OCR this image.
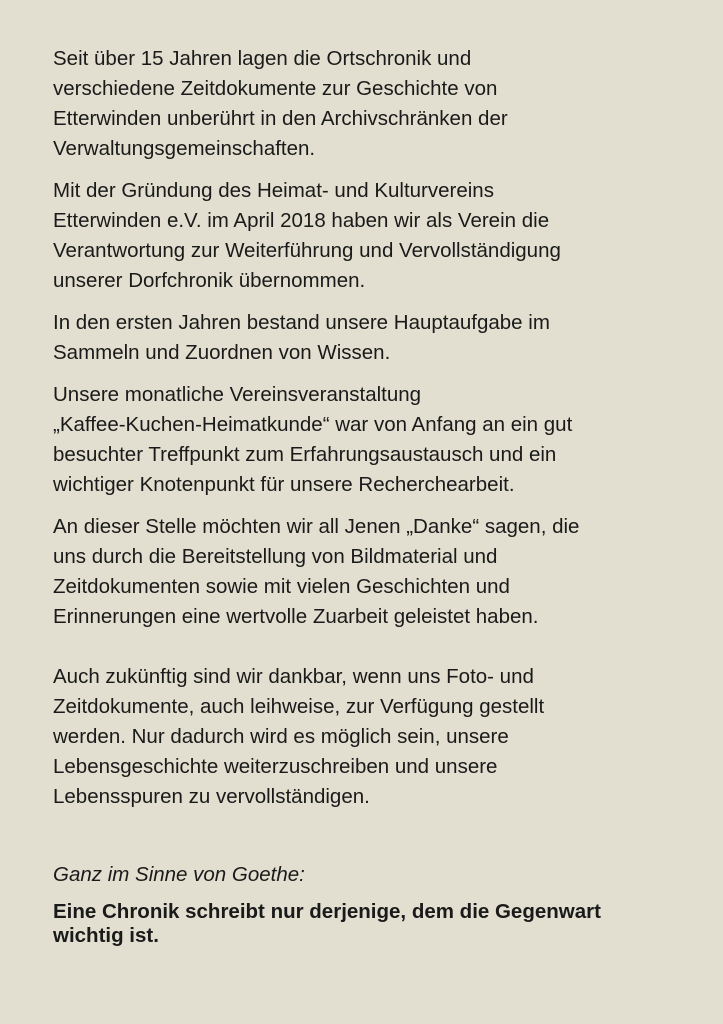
Seit über 15 Jahren lagen die Ortschronik und
verschiedene Zeitdokumente zur Geschichte von
Etterwinden unberührt in den Archivschränken der
Verwaltungsgemeinschaften.

Mit der Gründung des Heimat- und Kulturvereins
Etterwinden e.V. im April 2018 haben wir als Verein die
Verantwortung zur Weiterführung und Vervollständigung
unserer Dorfchronik übernommen.

In den ersten Jahren bestand unsere Hauptaufgabe im
Sammeln und Zuordnen von Wissen.

Unsere monatliche Vereinsveranstaltung
„Kaffee-Kuchen-Heimatkunde“ war von Anfang an ein gut
besuchter Treffpunkt zum Erfahrungsaustausch und ein
wichtiger Knotenpunkt für unsere Recherchearbeit.

An dieser Stelle möchten wir all Jenen „Danke“ sagen, die
uns durch die Bereitstellung von Bildmaterial und
Zeitdokumenten sowie mit vielen Geschichten und
Erinnerungen eine wertvolle Zuarbeit geleistet haben.

Auch zukünftig sind wir dankbar, wenn uns Foto- und
Zeitdokumente, auch leihweise, zur Verfügung gestellt
werden. Nur dadurch wird es möglich sein, unsere
Lebensgeschichte weiterzuschreiben und unsere
Lebensspuren zu vervollständigen.

Ganz im Sinne von Goethe:

Eine Chronik schreibt nur derjenige, dem die Gegenwart
wichtig ist.
